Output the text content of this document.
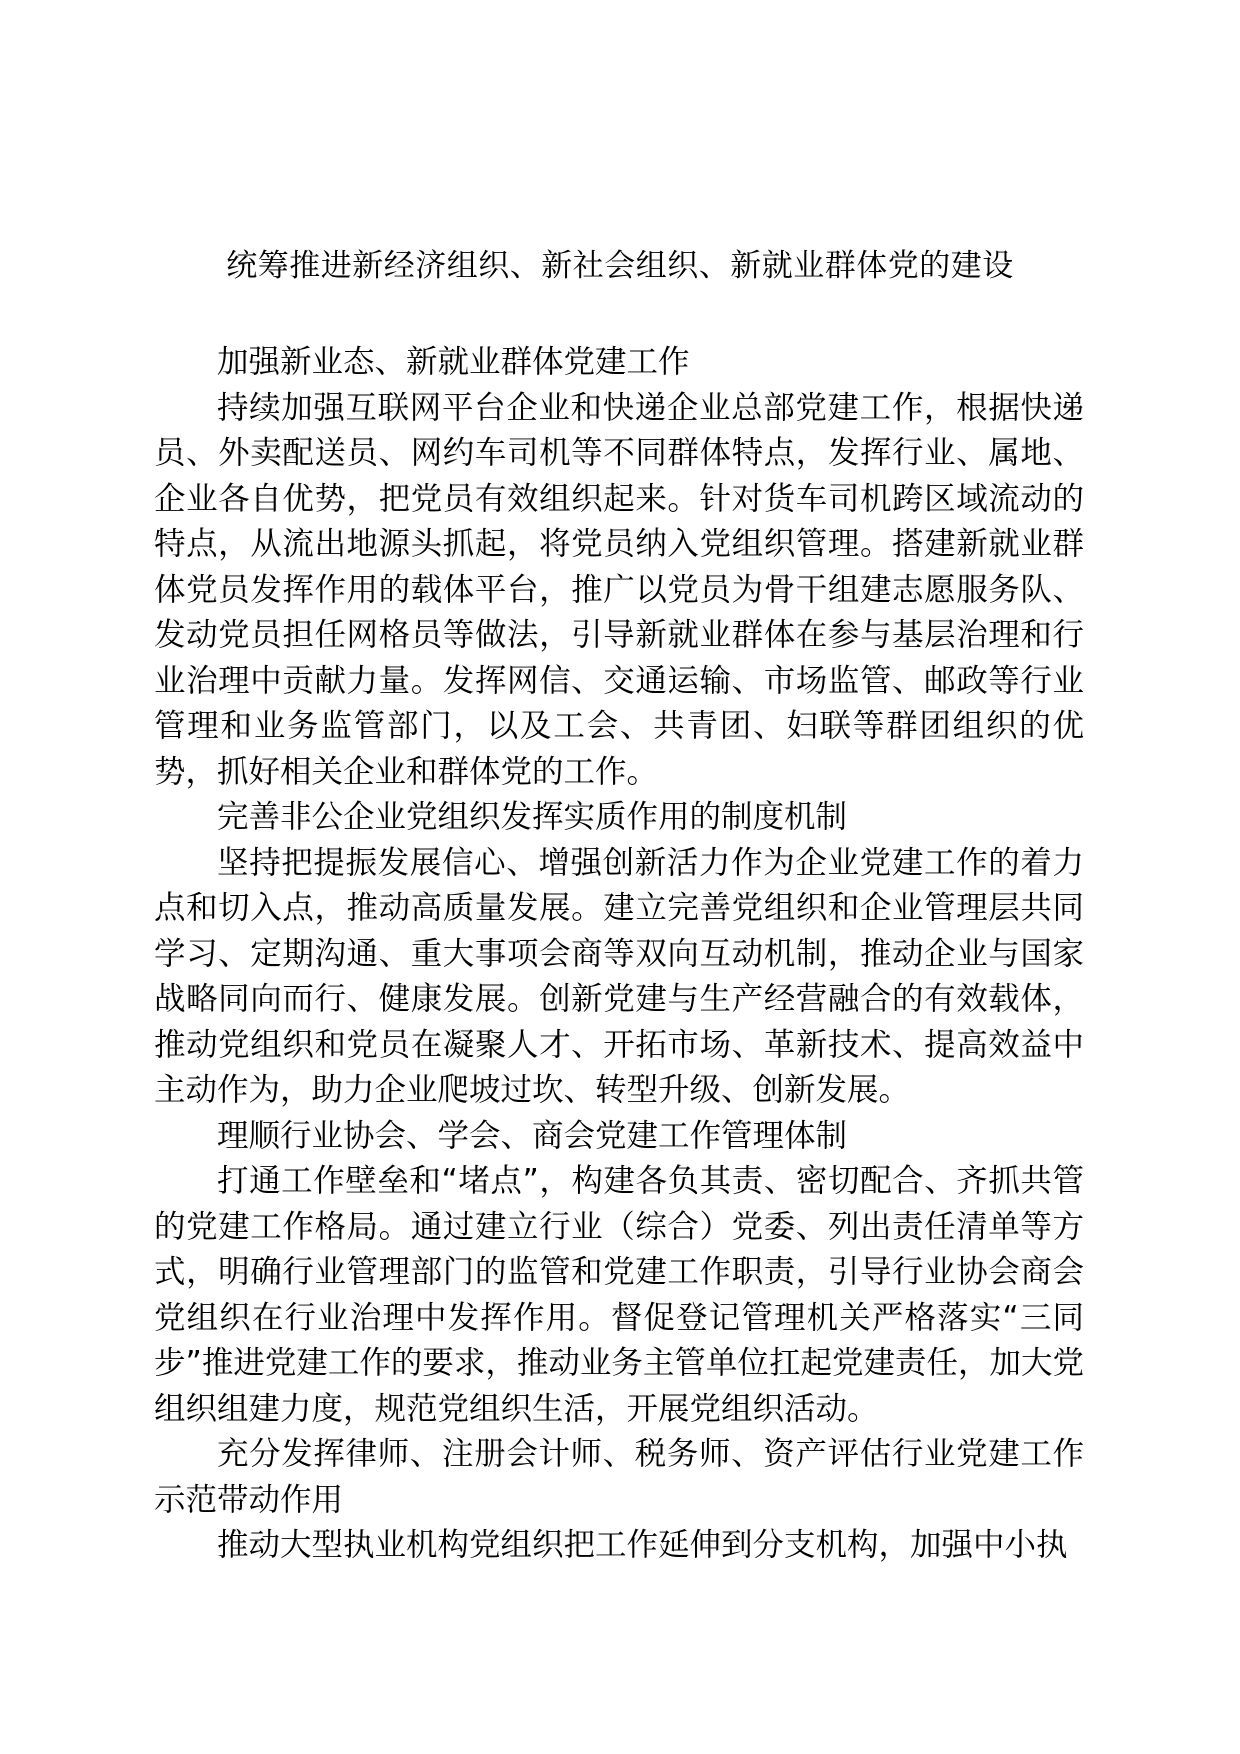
统筹推进新经济组织、新社会组织、新就业群体党的建设

加强新业态、新就业群体党建工作

持续加强互联网平台企业和快递企业总部党建工作，根据快递员、外卖配送员、网约车司机等不同群体特点，发挥行业、属地、企业各自优势，把党员有效组织起来。针对货车司机跨区域流动的特点，从流出地源头抓起，将党员纳入党组织管理。搭建新就业群体党员发挥作用的载体平台，推广以党员为骨干组建志愿服务队、发动党员担任网格员等做法，引导新就业群体在参与基层治理和行业治理中贡献力量。发挥网信、交通运输、市场监管、邮政等行业管理和业务监管部门，以及工会、共青团、妇联等群团组织的优势，抓好相关企业和群体党的工作。

完善非公企业党组织发挥实质作用的制度机制

坚持把提振发展信心、增强创新活力作为企业党建工作的着力点和切入点，推动高质量发展。建立完善党组织和企业管理层共同学习、定期沟通、重大事项会商等双向互动机制，推动企业与国家战略同向而行、健康发展。创新党建与生产经营融合的有效载体，推动党组织和党员在凝聚人才、开拓市场、革新技术、提高效益中主动作为，助力企业爬坡过坎、转型升级、创新发展。

理顺行业协会、学会、商会党建工作管理体制

打通工作壁垒和“堵点”，构建各负其责、密切配合、齐抓共管的党建工作格局。通过建立行业（综合）党委、列出责任清单等方式，明确行业管理部门的监管和党建工作职责，引导行业协会商会党组织在行业治理中发挥作用。督促登记管理机关严格落实“三同步”推进党建工作的要求，推动业务主管单位扛起党建责任，加大党组织组建力度，规范党组织生活，开展党组织活动。

充分发挥律师、注册会计师、税务师、资产评估行业党建工作示范带动作用

推动大型执业机构党组织把工作延伸到分支机构，加强中小执
